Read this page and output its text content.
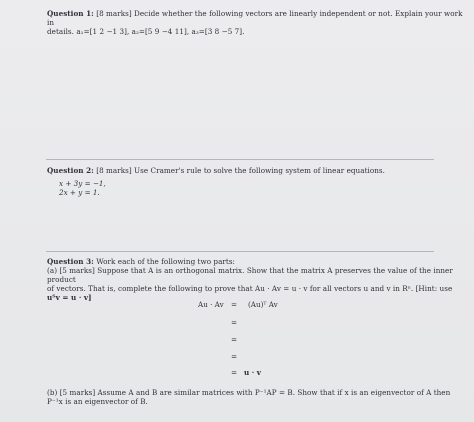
Question 1: [8 marks] Decide whether the following vectors are linearly independent or not. Explain your work in
details. a₁=[1 2 −1 3], a₂=[5 9 −4 11], a₃=[3 8 −5 7].
Question 2: [8 marks] Use Cramer's rule to solve the following system of linear equations.
x + 3y = −1,
2x + y = 1.
Question 3: Work each of the following two parts:
(a) [5 marks] Suppose that A is an orthogonal matrix. Show that the matrix A preserves the value of the inner product
of vectors. That is, complete the following to prove that Au · Av = u · v for all vectors u and v in Rⁿ. [Hint: use
uᵀv = u · v]
Au · Av = (Au)ᵀ Av
=
=
=
= u · v
(b) [5 marks] Assume A and B are similar matrices with P⁻¹AP = B. Show that if x is an eigenvector of A then
P⁻¹x is an eigenvector of B.
